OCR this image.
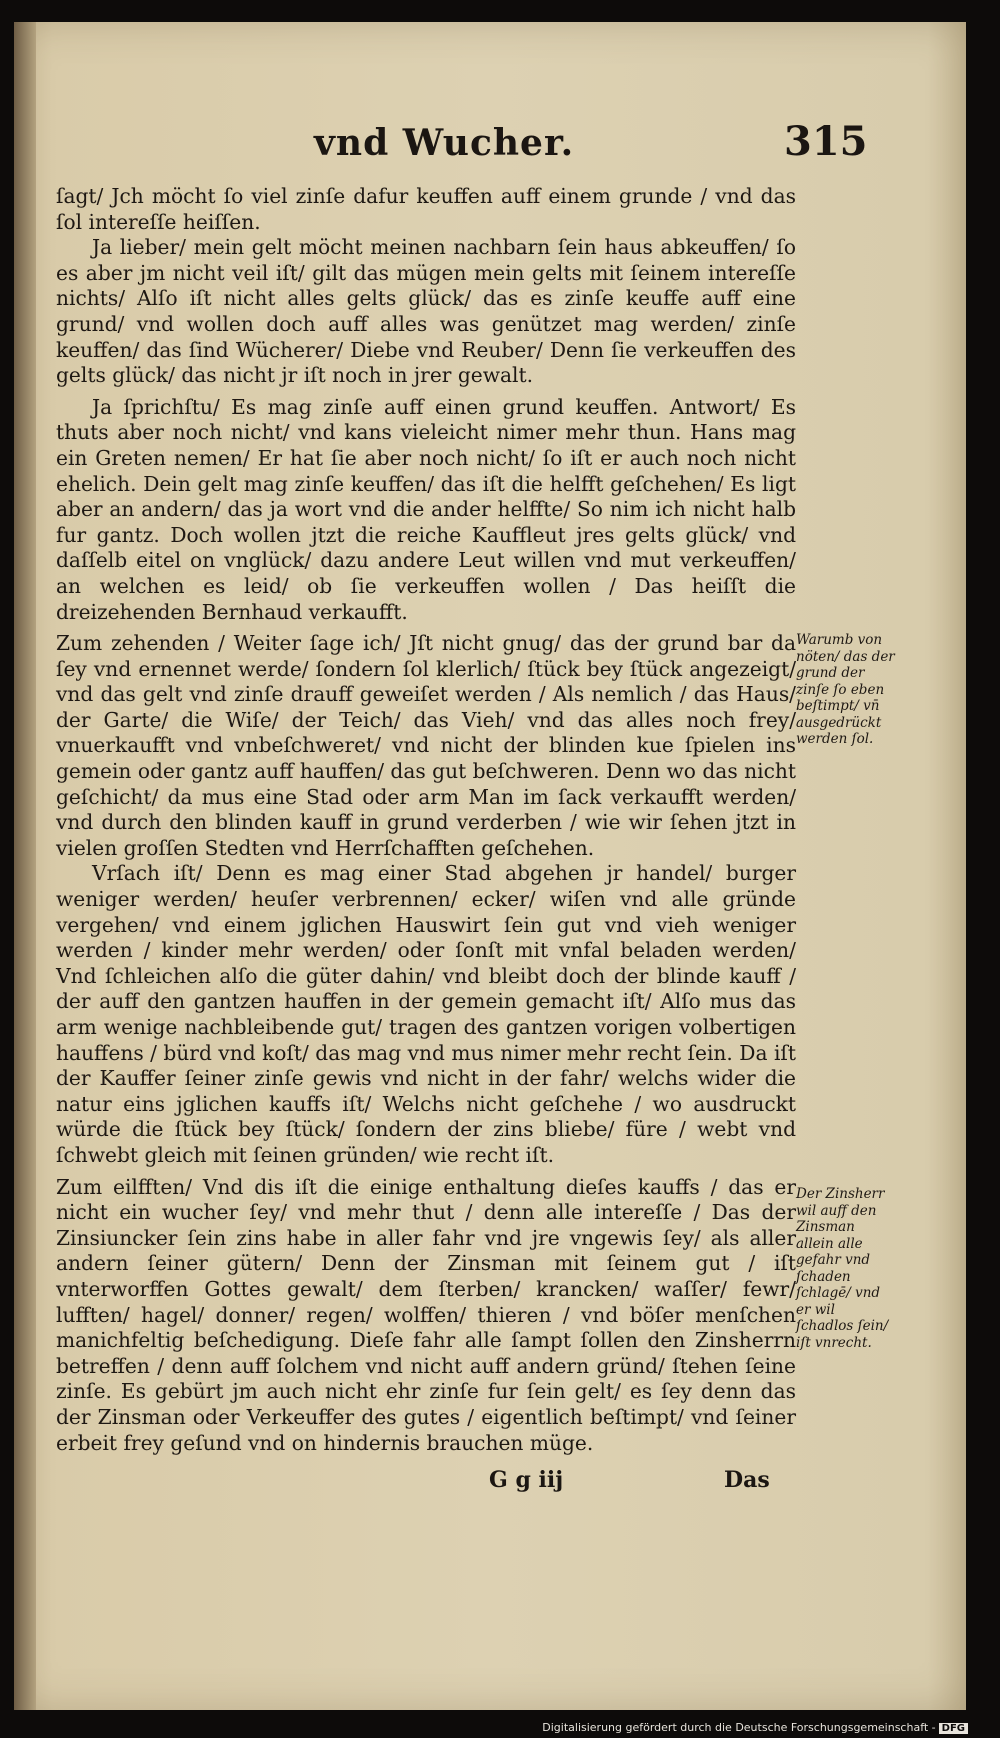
vnd Wucher.	315

ſagt/ Jch möcht ſo viel zinſe dafur keuffen auff einem grunde / vnd das ſol intereſſe heiſſen.

Ja lieber/ mein gelt möcht meinen nachbarn ſein haus abkeuffen/ ſo es aber jm nicht veil iſt/ gilt das mügen mein gelts mit ſeinem intereſſe nichts/ Alſo iſt nicht alles gelts glück/ das es zinſe keuffe auff eine grund/ vnd wollen doch auff alles was genützet mag werden/ zinſe keuffen/ das ſind Wücherer/ Diebe vnd Reuber/ Denn ſie verkeuffen des gelts glück/ das nicht jr iſt noch in jrer gewalt.

Ja ſprichſtu/ Es mag zinſe auff einen grund keuffen. Antwort/ Es thuts aber noch nicht/ vnd kans vieleicht nimer mehr thun. Hans mag ein Greten nemen/ Er hat ſie aber noch nicht/ ſo iſt er auch noch nicht ehelich. Dein gelt mag zinſe keuffen/ das iſt die helfft geſchehen/ Es ligt aber an andern/ das ja wort vnd die ander helffte/ So nim ich nicht halb fur gantz. Doch wollen jtzt die reiche Kauffleut jres gelts glück/ vnd daſſelb eitel on vnglück/ dazu andere Leut willen vnd mut verkeuffen/ an welchen es leid/ ob ſie verkeuffen wollen / Das heiſſt die dreizehenden Bernhaud verkaufft.

Zum zehenden / Weiter ſage ich/ Jſt nicht gnug/ das der grund bar da ſey vnd ernennet werde/ ſondern ſol klerlich/ ſtück bey ſtück angezeigt/ vnd das gelt vnd zinſe drauff geweiſet werden / Als nemlich / das Haus/ der Garte/ die Wiſe/ der Teich/ das Vieh/ vnd das alles noch frey/ vnuerkaufft vnd vnbeſchweret/ vnd nicht der blinden kue ſpielen ins gemein oder gantz auff hauffen/ das gut beſchweren. Denn wo das nicht geſchicht/ da mus eine Stad oder arm Man im ſack verkaufft werden/ vnd durch den blinden kauff in grund verderben / wie wir ſehen jtzt in vielen groſſen Stedten vnd Herrſchafften geſchehen.

Vrſach iſt/ Denn es mag einer Stad abgehen jr handel/ burger weniger werden/ heuſer verbrennen/ ecker/ wiſen vnd alle gründe vergehen/ vnd einem jglichen Hauswirt ſein gut vnd vieh weniger werden / kinder mehr werden/ oder ſonſt mit vnfal beladen werden/ Vnd ſchleichen alſo die güter dahin/ vnd bleibt doch der blinde kauff / der auff den gantzen hauffen in der gemein gemacht iſt/ Alſo mus das arm wenige nachbleibende gut/ tragen des gantzen vorigen volbertigen hauffens / bürd vnd koſt/ das mag vnd mus nimer mehr recht ſein. Da iſt der Kauffer ſeiner zinſe gewis vnd nicht in der fahr/ welchs wider die natur eins jglichen kauffs iſt/ Welchs nicht geſchehe / wo ausdruckt würde die ſtück bey ſtück/ ſondern der zins bliebe/ füre / webt vnd ſchwebt gleich mit ſeinen gründen/ wie recht iſt.

Zum eilfften/ Vnd dis iſt die einige enthaltung dieſes kauffs / das er nicht ein wucher ſey/ vnd mehr thut / denn alle intereſſe / Das der Zinsiuncker ſein zins habe in aller fahr vnd jre vngewis ſey/ als aller andern ſeiner gütern/ Denn der Zinsman mit ſeinem gut / iſt vnterworffen Gottes gewalt/ dem ſterben/ krancken/ waſſer/ fewr/ lufften/ hagel/ donner/ regen/ wolffen/ thieren / vnd böſer menſchen manichfeltig beſchedigung. Dieſe fahr alle ſampt ſollen den Zinsherrn betreffen / denn auff ſolchem vnd nicht auff andern gründ/ ſtehen ſeine zinſe. Es gebürt jm auch nicht ehr zinſe fur ſein gelt/ es ſey denn das der Zinsman oder Verkeuffer des gutes / eigentlich beſtimpt/ vnd ſeiner erbeit frey geſund vnd on hindernis brauchen müge.

Warumb von nöten/ das der grund der zinſe ſo eben beſtimpt/ vn̄ ausgedrückt werden ſol.
Der Zinsherr wil auff den Zinsman allein alle gefahr vnd ſchaden ſchlagē/ vnd er wil ſchadlos ſein/ iſt vnrecht.
G g iij	Das
Digitalisierung gefördert durch die Deutsche Forschungsgemeinschaft - DFG
